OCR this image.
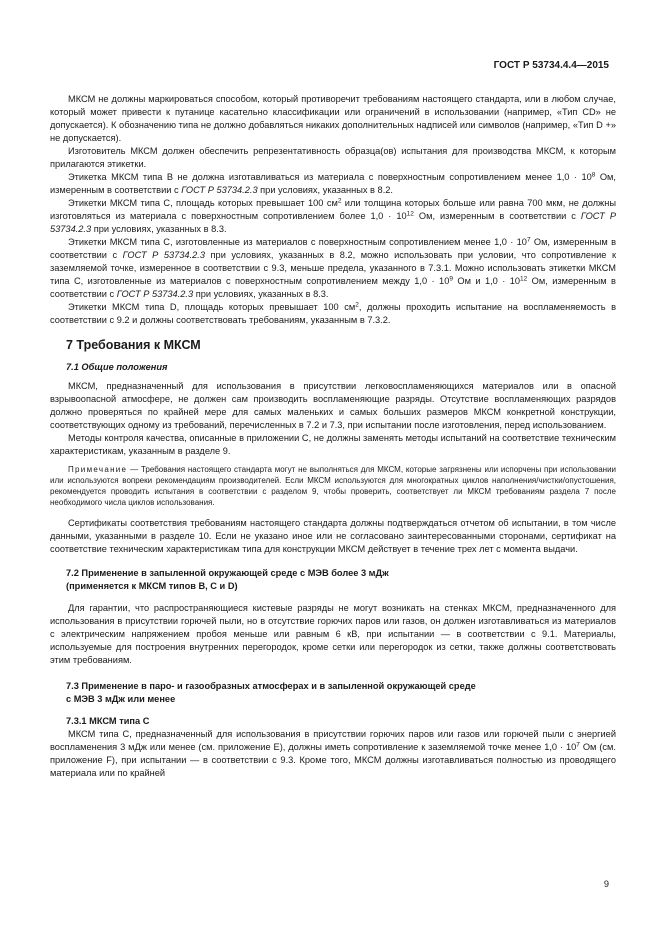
ГОСТ Р 53734.4.4—2015

МКСМ не должны маркироваться способом, который противоречит требованиям настоящего стандарта, или в любом случае, который может привести к путанице касательно классификации или ограничений в использовании (например, «Тип CD» не допускается). К обозначению типа не должно добавляться никаких дополнительных надписей или символов (например, «Тип D +» не допускается).

Изготовитель МКСМ должен обеспечить репрезентативность образца(ов) испытания для производства МКСМ, к которым прилагаются этикетки.

Этикетка МКСМ типа В не должна изготавливаться из материала с поверхностным сопротивлением менее $1,0 \cdot 10^8$ Ом, измеренным в соответствии с ГОСТ Р 53734.2.3 при условиях, указанных в 8.2.

Этикетки МКСМ типа С, площадь которых превышает 100 $см^2$ или толщина которых больше или равна 700 мкм, не должны изготовляться из материала с поверхностным сопротивлением более $1,0 \cdot 10^{12}$ Ом, измеренным в соответствии с ГОСТ Р 53734.2.3 при условиях, указанных в 8.3.

Этикетки МКСМ типа С, изготовленные из материалов с поверхностным сопротивлением менее $1,0 \cdot 10^7$ Ом, измеренным в соответствии с ГОСТ Р 53734.2.3 при условиях, указанных в 8.2, можно использовать при условии, что сопротивление к заземляемой точке, измеренное в соответствии с 9.3, меньше предела, указанного в 7.3.1. Можно использовать этикетки МКСМ типа С, изготовленные из материалов с поверхностным сопротивлением между $1,0 \cdot 10^9$ Ом и $1,0 \cdot 10^{12}$ Ом, измеренным в соответствии с ГОСТ Р 53734.2.3 при условиях, указанных в 8.3.

Этикетки МКСМ типа D, площадь которых превышает 100 $см^2$, должны проходить испытание на воспламеняемость в соответствии с 9.2 и должны соответствовать требованиям, указанным в 7.3.2.

7 Требования к МКСМ
7.1 Общие положения

МКСМ, предназначенный для использования в присутствии легковоспламеняющихся материалов или в опасной взрывоопасной атмосфере, не должен сам производить воспламеняющие разряды. Отсутствие воспламеняющих разрядов должно проверяться по крайней мере для самых маленьких и самых больших размеров МКСМ конкретной конструкции, соответствующих одному из требований, перечисленных в 7.2 и 7.3, при испытании после изготовления, перед использованием.

Методы контроля качества, описанные в приложении С, не должны заменять методы испытаний на соответствие техническим характеристикам, указанным в разделе 9.

Примечание — Требования настоящего стандарта могут не выполняться для МКСМ, которые загрязнены или испорчены при использовании или используются вопреки рекомендациям производителей. Если МКСМ используются для многократных циклов наполнения/чистки/опустошения, рекомендуется проводить испытания в соответствии с разделом 9, чтобы проверить, соответствует ли МКСМ требованиям раздела 7 после необходимого числа циклов использования.

Сертификаты соответствия требованиям настоящего стандарта должны подтверждаться отчетом об испытании, в том числе данными, указанными в разделе 10. Если не указано иное или не согласовано заинтересованными сторонами, сертификат на соответствие техническим характеристикам типа для конструкции МКСМ действует в течение трех лет с момента выдачи.

7.2 Применение в запыленной окружающей среде с МЭВ более 3 мДж
(применяется к МКСМ типов В, С и D)

Для гарантии, что распространяющиеся кистевые разряды не могут возникать на стенках МКСМ, предназначенного для использования в присутствии горючей пыли, но в отсутствие горючих паров или газов, он должен изготавливаться из материалов с электрическим напряжением пробоя меньше или равным 6 кВ, при испытании — в соответствии с 9.1. Материалы, используемые для построения внутренних перегородок, кроме сетки или перегородок из сетки, также должны соответствовать этим требованиям.

7.3 Применение в паро- и газообразных атмосферах и в запыленной окружающей среде
с МЭВ 3 мДж или менее
7.3.1 МКСМ типа С

МКСМ типа С, предназначенный для использования в присутствии горючих паров или газов или горючей пыли с энергией воспламенения 3 мДж или менее (см. приложение Е), должны иметь сопротивление к заземляемой точке менее $1,0 \cdot 10^7$ Ом (см. приложение F), при испытании — в соответствии с 9.3. Кроме того, МКСМ должны изготавливаться полностью из проводящего материала или по крайней

9
